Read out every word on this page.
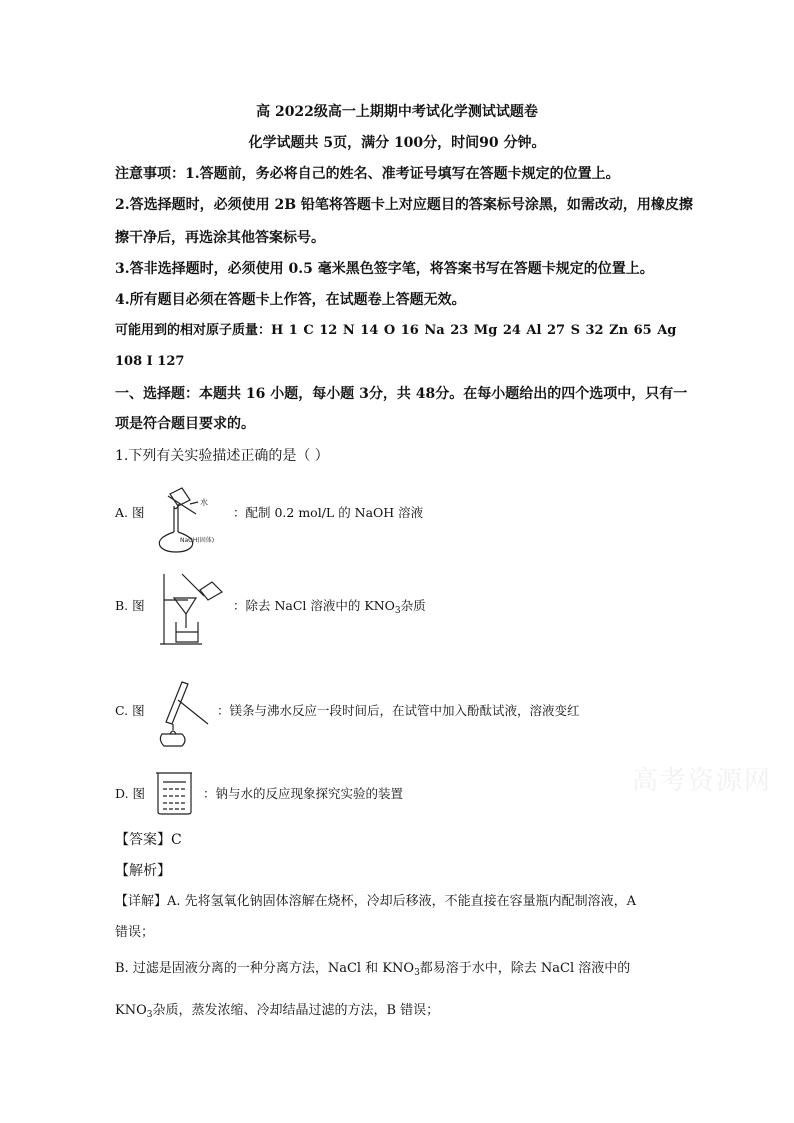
高 2022级高一上期期中考试化学测试试题卷
化学试题共 5页，满分 100分，时间90 分钟。
注意事项：1.答题前，务必将自己的姓名、准考证号填写在答题卡规定的位置上。
2.答选择题时，必须使用 2B 铅笔将答题卡上对应题目的答案标号涂黑，如需改动，用橡皮擦
擦干净后，再选涂其他答案标号。
3.答非选择题时，必须使用 0.5 毫米黑色签字笔，将答案书写在答题卡规定的位置上。
4.所有题目必须在答题卡上作答，在试题卷上答题无效。
可能用到的相对原子质量：H 1 C 12 N 14 O 16 Na 23 Mg 24 Al 27 S 32 Zn 65 Ag
108 I 127
一、选择题：本题共 16 小题，每小题 3分，共 48分。在每小题给出的四个选项中，只有一
项是符合题目要求的。
1.下列有关实验描述正确的是（ ）
A. 图
水
NaOH(固体)
：配制 0.2 mol/L 的 NaOH 溶液
B. 图	：除去 NaCl 溶液中的 $KNO_3$杂质
C. 图	：镁条与沸水反应一段时间后，在试管中加入酚酞试液，溶液变红
D. 图	：钠与水的反应现象探究实验的装置
【答案】C
【解析】
【详解】A. 先将氢氧化钠固体溶解在烧杯，冷却后移液，不能直接在容量瓶内配制溶液，A
错误；
B. 过滤是固液分离的一种分离方法，NaCl 和 $KNO_3$都易溶于水中，除去 NaCl 溶液中的
$KNO_3$杂质，蒸发浓缩、冷却结晶过滤的方法，B 错误；
高考资源网
